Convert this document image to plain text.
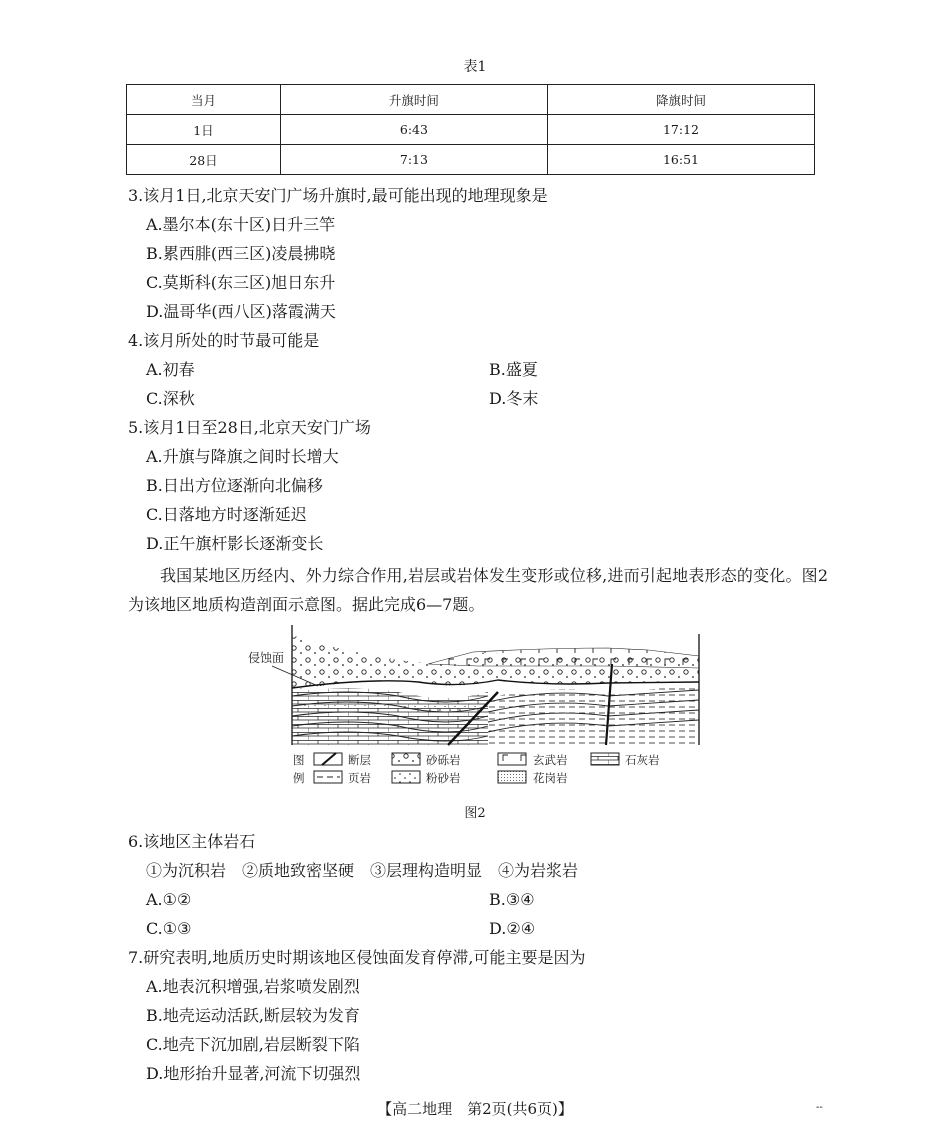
表1
当月	升旗时间	降旗时间
1日	6:43	17:12
28日	7:13	16:51
3.该月1日,北京天安门广场升旗时,最可能出现的地理现象是
A.墨尔本(东十区)日升三竿
B.累西腓(西三区)凌晨拂晓
C.莫斯科(东三区)旭日东升
D.温哥华(西八区)落霞满天
4.该月所处的时节最可能是
A.初春	B.盛夏
C.深秋	D.冬末
5.该月1日至28日,北京天安门广场
A.升旗与降旗之间时长增大
B.日出方位逐渐向北偏移
C.日落地方时逐渐延迟
D.正午旗杆影长逐渐变长
我国某地区历经内、外力综合作用,岩层或岩体发生变形或位移,进而引起地表形态的变化。图2为该地区地质构造剖面示意图。据此完成6—7题。
侵蚀面
图
例
断层	砂砾岩	玄武岩	石灰岩
页岩	粉砂岩	花岗岩
图2
6.该地区主体岩石
①为沉积岩　②质地致密坚硬　③层理构造明显　④为岩浆岩
A.①②	B.③④
C.①③	D.②④
7.研究表明,地质历史时期该地区侵蚀面发育停滞,可能主要是因为
A.地表沉积增强,岩浆喷发剧烈
B.地壳运动活跃,断层较为发育
C.地壳下沉加剧,岩层断裂下陷
D.地形抬升显著,河流下切强烈
【高二地理　第2页(共6页)】	--
